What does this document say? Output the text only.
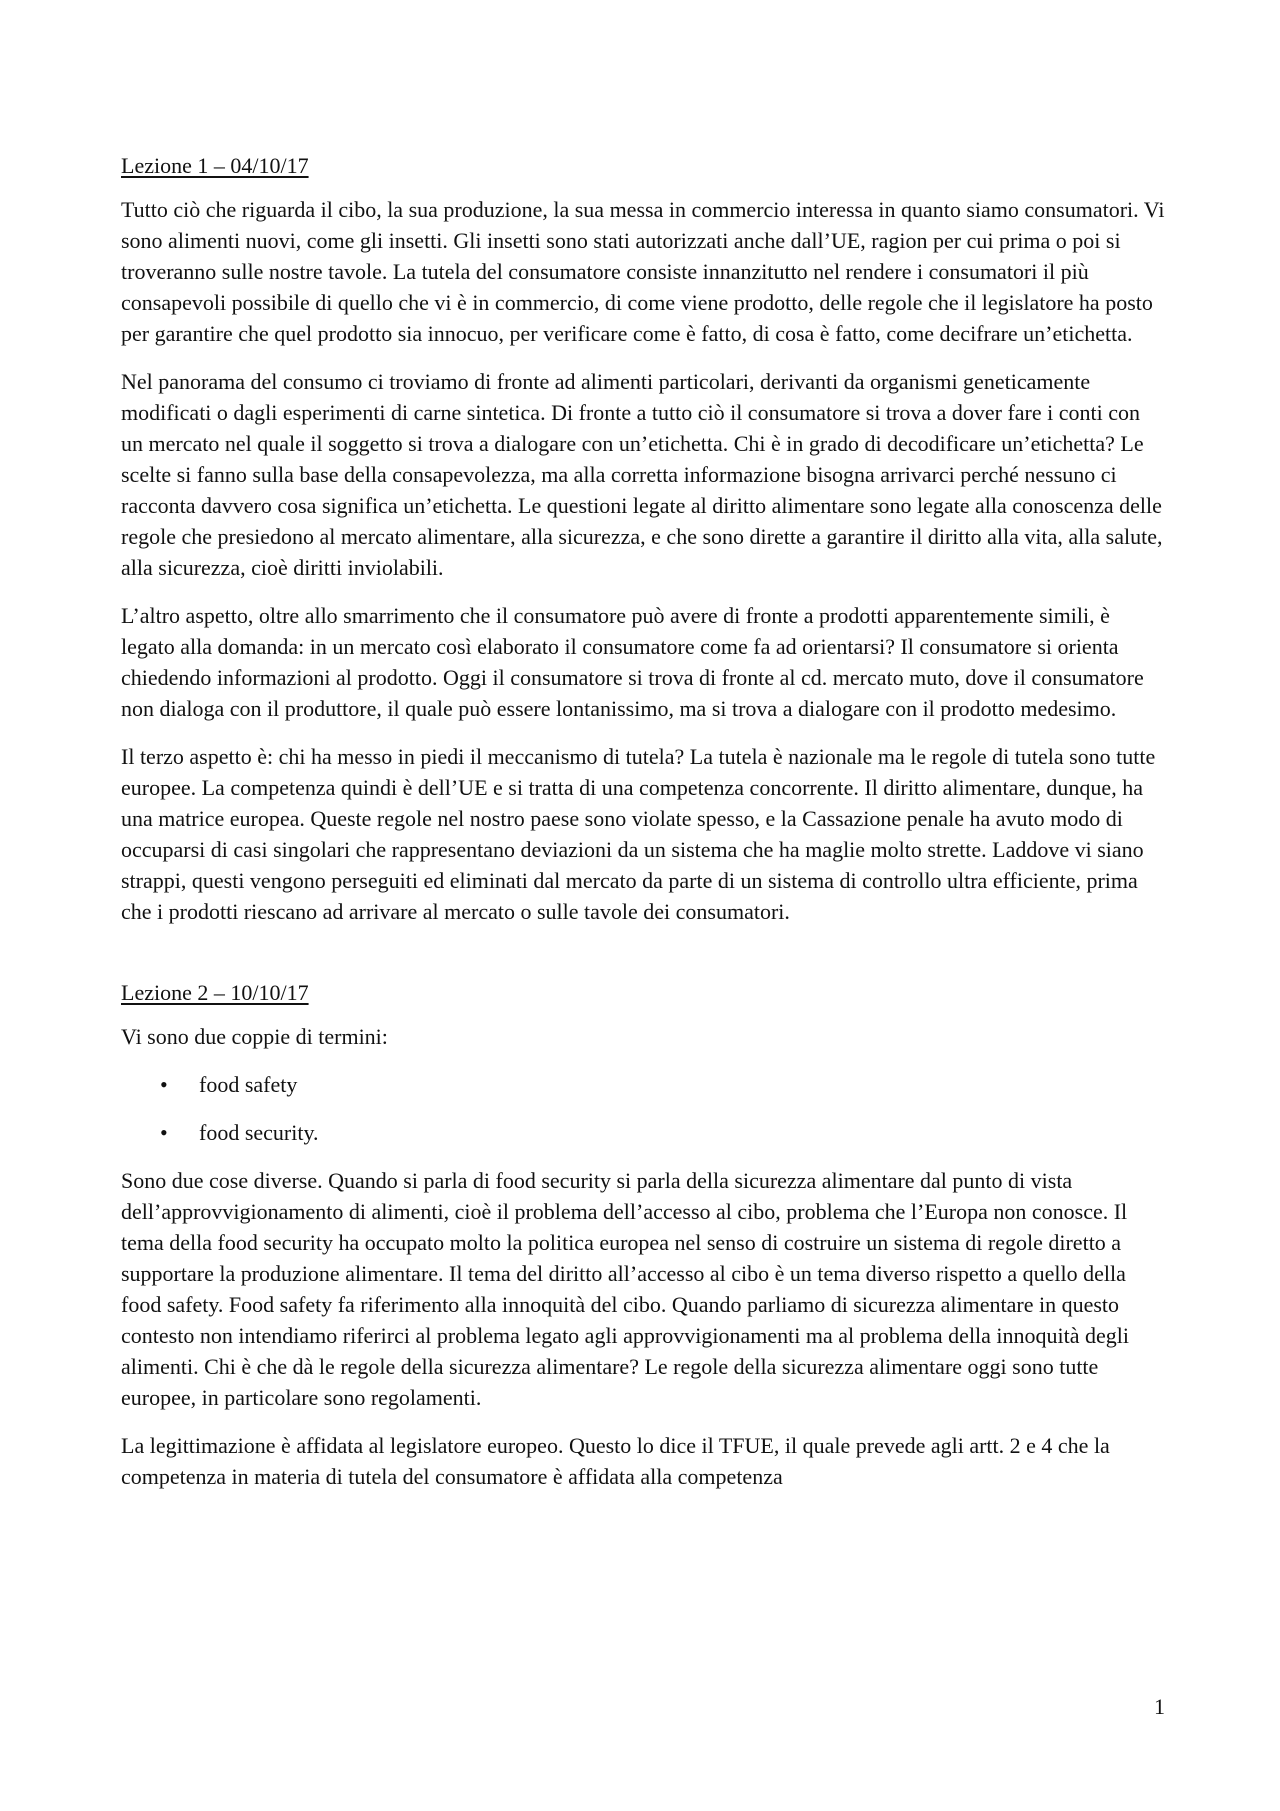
Lezione 1 – 04/10/17

Tutto ciò che riguarda il cibo, la sua produzione, la sua messa in commercio interessa in quanto siamo consumatori. Vi sono alimenti nuovi, come gli insetti. Gli insetti sono stati autorizzati anche dall’UE, ragion per cui prima o poi si troveranno sulle nostre tavole. La tutela del consumatore consiste innanzitutto nel rendere i consumatori il più consapevoli possibile di quello che vi è in commercio, di come viene prodotto, delle regole che il legislatore ha posto per garantire che quel prodotto sia innocuo, per verificare come è fatto, di cosa è fatto, come decifrare un’etichetta.

Nel panorama del consumo ci troviamo di fronte ad alimenti particolari, derivanti da organismi geneticamente modificati o dagli esperimenti di carne sintetica. Di fronte a tutto ciò il consumatore si trova a dover fare i conti con un mercato nel quale il soggetto si trova a dialogare con un’etichetta. Chi è in grado di decodificare un’etichetta? Le scelte si fanno sulla base della consapevolezza, ma alla corretta informazione bisogna arrivarci perché nessuno ci racconta davvero cosa significa un’etichetta. Le questioni legate al diritto alimentare sono legate alla conoscenza delle regole che presiedono al mercato alimentare, alla sicurezza, e che sono dirette a garantire il diritto alla vita, alla salute, alla sicurezza, cioè diritti inviolabili.

L’altro aspetto, oltre allo smarrimento che il consumatore può avere di fronte a prodotti apparentemente simili, è legato alla domanda: in un mercato così elaborato il consumatore come fa ad orientarsi? Il consumatore si orienta chiedendo informazioni al prodotto. Oggi il consumatore si trova di fronte al cd. mercato muto, dove il consumatore non dialoga con il produttore, il quale può essere lontanissimo, ma si trova a dialogare con il prodotto medesimo.

Il terzo aspetto è: chi ha messo in piedi il meccanismo di tutela? La tutela è nazionale ma le regole di tutela sono tutte europee. La competenza quindi è dell’UE e si tratta di una competenza concorrente. Il diritto alimentare, dunque, ha una matrice europea. Queste regole nel nostro paese sono violate spesso, e la Cassazione penale ha avuto modo di occuparsi di casi singolari che rappresentano deviazioni da un sistema che ha maglie molto strette. Laddove vi siano strappi, questi vengono perseguiti ed eliminati dal mercato da parte di un sistema di controllo ultra efficiente, prima che i prodotti riescano ad arrivare al mercato o sulle tavole dei consumatori.

Lezione 2 – 10/10/17

Vi sono due coppie di termini:

• food safety
• food security.

Sono due cose diverse. Quando si parla di food security si parla della sicurezza alimentare dal punto di vista dell’approvvigionamento di alimenti, cioè il problema dell’accesso al cibo, problema che l’Europa non conosce. Il tema della food security ha occupato molto la politica europea nel senso di costruire un sistema di regole diretto a supportare la produzione alimentare. Il tema del diritto all’accesso al cibo è un tema diverso rispetto a quello della food safety. Food safety fa riferimento alla innoquità del cibo. Quando parliamo di sicurezza alimentare in questo contesto non intendiamo riferirci al problema legato agli approvvigionamenti ma al problema della innoquità degli alimenti. Chi è che dà le regole della sicurezza alimentare? Le regole della sicurezza alimentare oggi sono tutte europee, in particolare sono regolamenti.

La legittimazione è affidata al legislatore europeo. Questo lo dice il TFUE, il quale prevede agli artt. 2 e 4 che la competenza in materia di tutela del consumatore è affidata alla competenza

1
